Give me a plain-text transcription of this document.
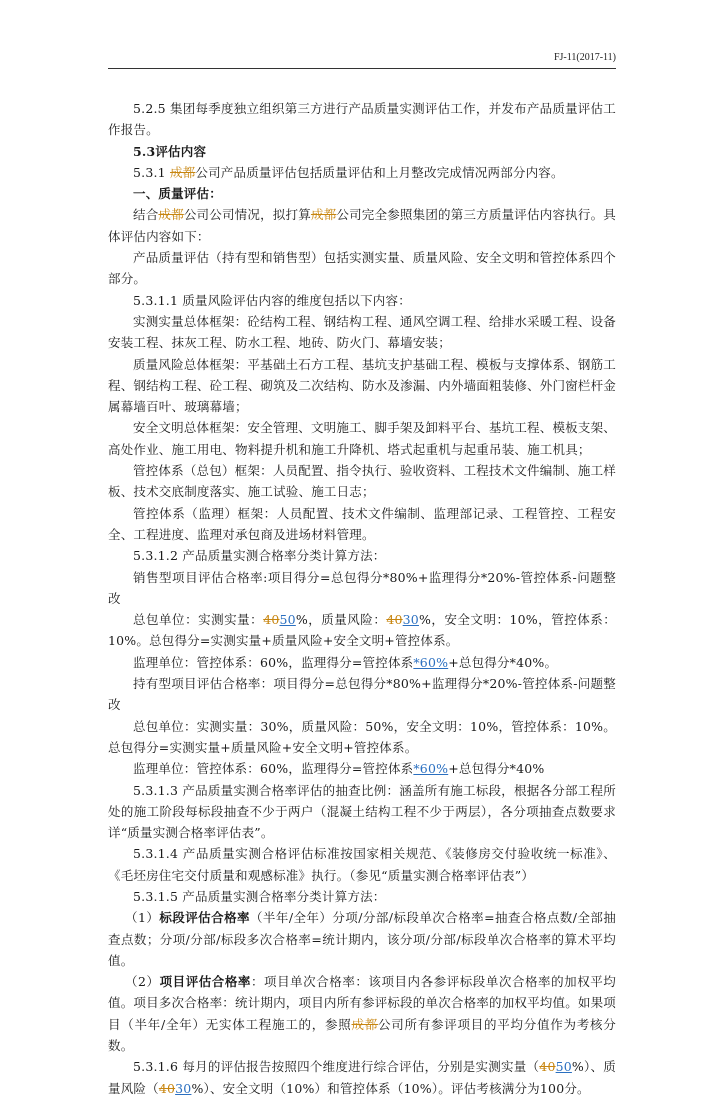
FJ-11(2017-11)

5.2.5 集团每季度独立组织第三方进行产品质量实测评估工作，并发布产品质量评估工作报告。

5.3评估内容

5.3.1 成都公司产品质量评估包括质量评估和上月整改完成情况两部分内容。

一、质量评估：

结合成都公司公司情况，拟打算成都公司完全参照集团的第三方质量评估内容执行。具体评估内容如下：

产品质量评估（持有型和销售型）包括实测实量、质量风险、安全文明和管控体系四个部分。

5.3.1.1 质量风险评估内容的维度包括以下内容：

实测实量总体框架：砼结构工程、钢结构工程、通风空调工程、给排水采暖工程、设备安装工程、抹灰工程、防水工程、地砖、防火门、幕墙安装；

质量风险总体框架：平基础土石方工程、基坑支护基础工程、模板与支撑体系、钢筋工程、钢结构工程、砼工程、砌筑及二次结构、防水及渗漏、内外墙面粗装修、外门窗栏杆金属幕墙百叶、玻璃幕墙；

安全文明总体框架：安全管理、文明施工、脚手架及卸料平台、基坑工程、模板支架、高处作业、施工用电、物料提升机和施工升降机、塔式起重机与起重吊装、施工机具；

管控体系（总包）框架：人员配置、指令执行、验收资料、工程技术文件编制、施工样板、技术交底制度落实、施工试验、施工日志；

管控体系（监理）框架：人员配置、技术文件编制、监理部记录、工程管控、工程安全、工程进度、监理对承包商及进场材料管理。

5.3.1.2 产品质量实测合格率分类计算方法：

销售型项目评估合格率:项目得分=总包得分*80%+监理得分*20%-管控体系-问题整改

总包单位：实测实量：4050%，质量风险：4030%，安全文明：10%，管控体系：10%。总包得分=实测实量+质量风险+安全文明+管控体系。

监理单位：管控体系：60%，监理得分=管控体系*60%+总包得分*40%。

持有型项目评估合格率：项目得分=总包得分*80%+监理得分*20%-管控体系-问题整改

总包单位：实测实量：30%，质量风险：50%，安全文明：10%，管控体系：10%。总包得分=实测实量+质量风险+安全文明+管控体系。

监理单位：管控体系：60%，监理得分=管控体系*60%+总包得分*40%

5.3.1.3 产品质量实测合格率评估的抽查比例：涵盖所有施工标段，根据各分部工程所处的施工阶段每标段抽查不少于两户（混凝土结构工程不少于两层），各分项抽查点数要求详“质量实测合格率评估表”。

5.3.1.4 产品质量实测合格评估标准按国家相关规范、《装修房交付验收统一标准》、《毛坯房住宅交付质量和观感标准》执行。（参见“质量实测合格率评估表”）

5.3.1.5 产品质量实测合格率分类计算方法：

（1）标段评估合格率（半年/全年）分项/分部/标段单次合格率=抽查合格点数/全部抽查点数；分项/分部/标段多次合格率=统计期内，该分项/分部/标段单次合格率的算术平均值。

（2）项目评估合格率：项目单次合格率：该项目内各参评标段单次合格率的加权平均值。项目多次合格率：统计期内，项目内所有参评标段的单次合格率的加权平均值。如果项目（半年/全年）无实体工程施工的，参照成都公司所有参评项目的平均分值作为考核分数。

5.3.1.6 每月的评估报告按照四个维度进行综合评估，分别是实测实量（4050%）、质量风险（4030%）、安全文明（10%）和管控体系（10%）。评估考核满分为100分。
